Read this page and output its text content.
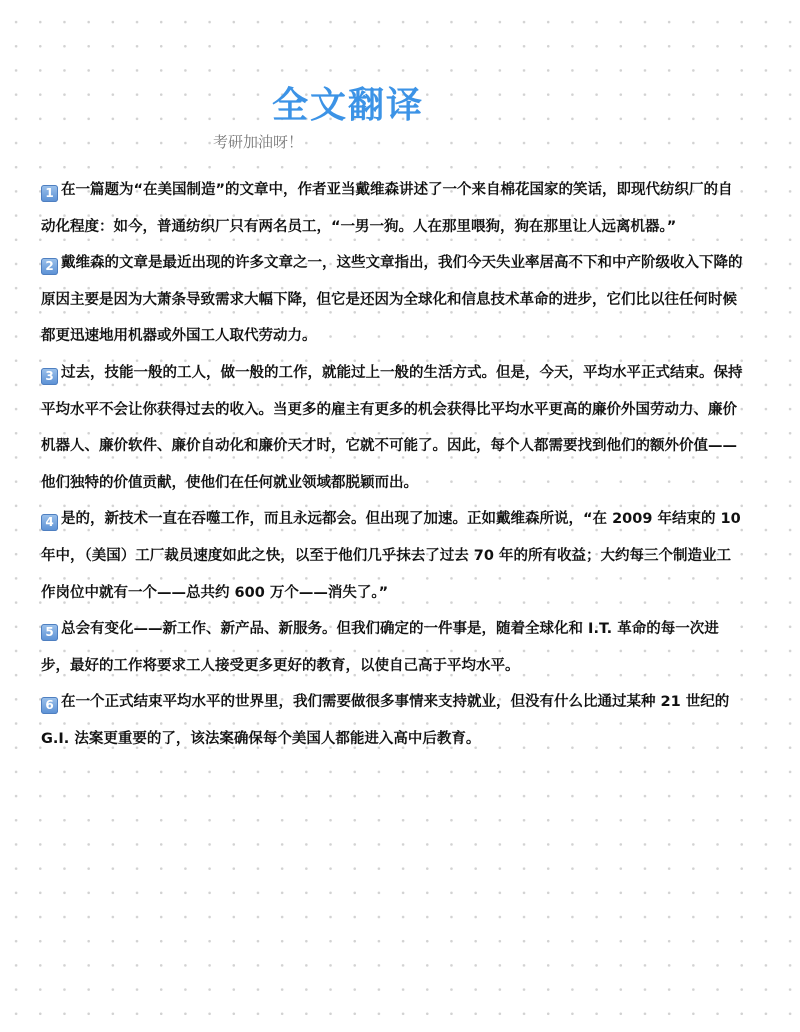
全文翻译
考研加油呀！

1 在一篇题为“在美国制造”的文章中，作者亚当戴维森讲述了一个来自棉花国家的笑话，即现代纺织厂的自动化程度：如今，普通纺织厂只有两名员工，“一男一狗。人在那里喂狗，狗在那里让人远离机器。”

2 戴维森的文章是最近出现的许多文章之一，这些文章指出，我们今天失业率居高不下和中产阶级收入下降的原因主要是因为大萧条导致需求大幅下降，但它是还因为全球化和信息技术革命的进步，它们比以往任何时候都更迅速地用机器或外国工人取代劳动力。

3 过去，技能一般的工人，做一般的工作，就能过上一般的生活方式。但是，今天，平均水平正式结束。保持平均水平不会让你获得过去的收入。当更多的雇主有更多的机会获得比平均水平更高的廉价外国劳动力、廉价机器人、廉价软件、廉价自动化和廉价天才时，它就不可能了。因此，每个人都需要找到他们的额外价值——他们独特的价值贡献，使他们在任何就业领域都脱颖而出。

4 是的，新技术一直在吞噬工作，而且永远都会。但出现了加速。正如戴维森所说，“在 2009 年结束的 10 年中，（美国）工厂裁员速度如此之快，以至于他们几乎抹去了过去 70 年的所有收益；大约每三个制造业工作岗位中就有一个——总共约 600 万个——消失了。”

5 总会有变化——新工作、新产品、新服务。但我们确定的一件事是，随着全球化和 I.T. 革命的每一次进步，最好的工作将要求工人接受更多更好的教育，以使自己高于平均水平。

6 在一个正式结束平均水平的世界里，我们需要做很多事情来支持就业，但没有什么比通过某种 21 世纪的 G.I. 法案更重要的了，该法案确保每个美国人都能进入高中后教育。
